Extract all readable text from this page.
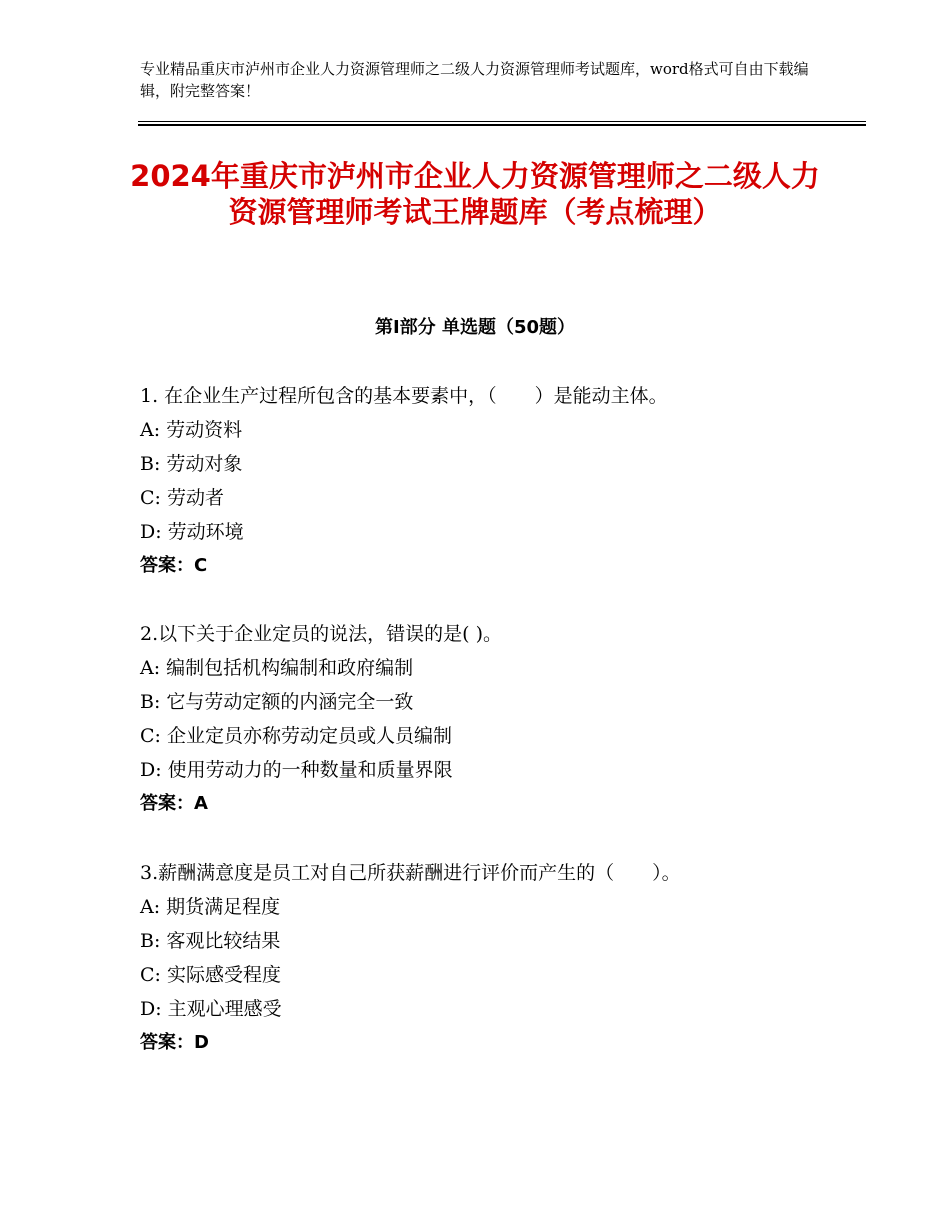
专业精品重庆市泸州市企业人力资源管理师之二级人力资源管理师考试题库，word格式可自由下载编辑，附完整答案！
2024年重庆市泸州市企业人力资源管理师之二级人力资源管理师考试王牌题库（考点梳理）
第Ⅰ部分 单选题（50题）
1. 在企业生产过程所包含的基本要素中，（　　）是能动主体。
A: 劳动资料
B: 劳动对象
C: 劳动者
D: 劳动环境
答案：C
2.以下关于企业定员的说法，错误的是( )。
A: 编制包括机构编制和政府编制
B: 它与劳动定额的内涵完全一致
C: 企业定员亦称劳动定员或人员编制
D: 使用劳动力的一种数量和质量界限
答案：A
3.薪酬满意度是员工对自己所获薪酬进行评价而产生的（　　）。
A: 期货满足程度
B: 客观比较结果
C: 实际感受程度
D: 主观心理感受
答案：D
